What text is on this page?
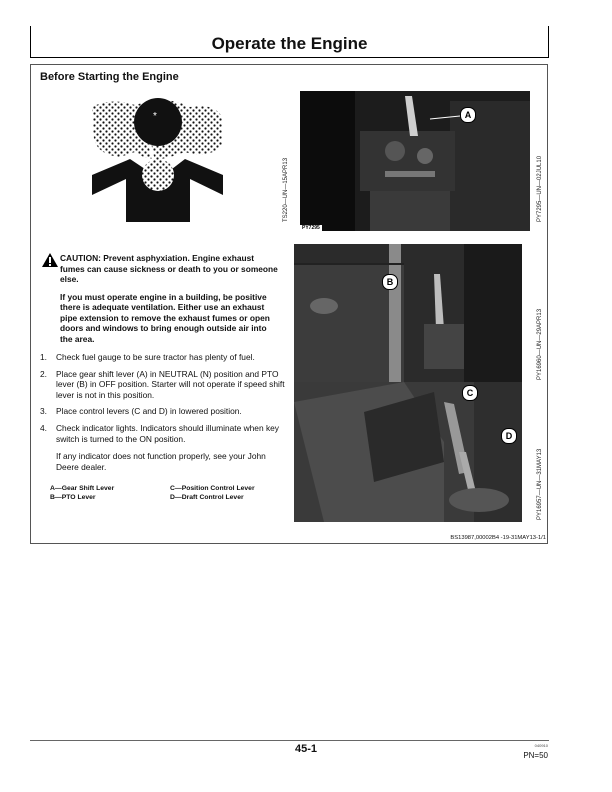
Operate the Engine
Before Starting the Engine
*
TS220—UN—15APR13
PY7295
A
PY7295—UN—02JUL10
B
PY16960—UN—29APR13
C
D
PY16957—UN—31MAY13

CAUTION: Prevent asphyxiation. Engine exhaust fumes can cause sickness or death to you or someone else.

If you must operate engine in a building, be positive there is adequate ventilation. Either use an exhaust pipe extension to remove the exhaust fumes or open doors and windows to bring enough outside air into the area.

1. Check fuel gauge to be sure tractor has plenty of fuel.
2. Place gear shift lever (A) in NEUTRAL (N) position and PTO lever (B) in OFF position. Starter will not operate if speed shift lever is not in this position.
3. Place control levers (C and D) in lowered position.
4. Check indicator lights. Indicators should illuminate when key switch is turned to the ON position.
If any indicator does not function properly, see your John Deere dealer.
A—Gear Shift Lever
B—PTO Lever
C—Position Control Lever
D—Draft Control Lever
BS13987,00002B4 -19-31MAY13-1/1
45-1	040910
PN=50
